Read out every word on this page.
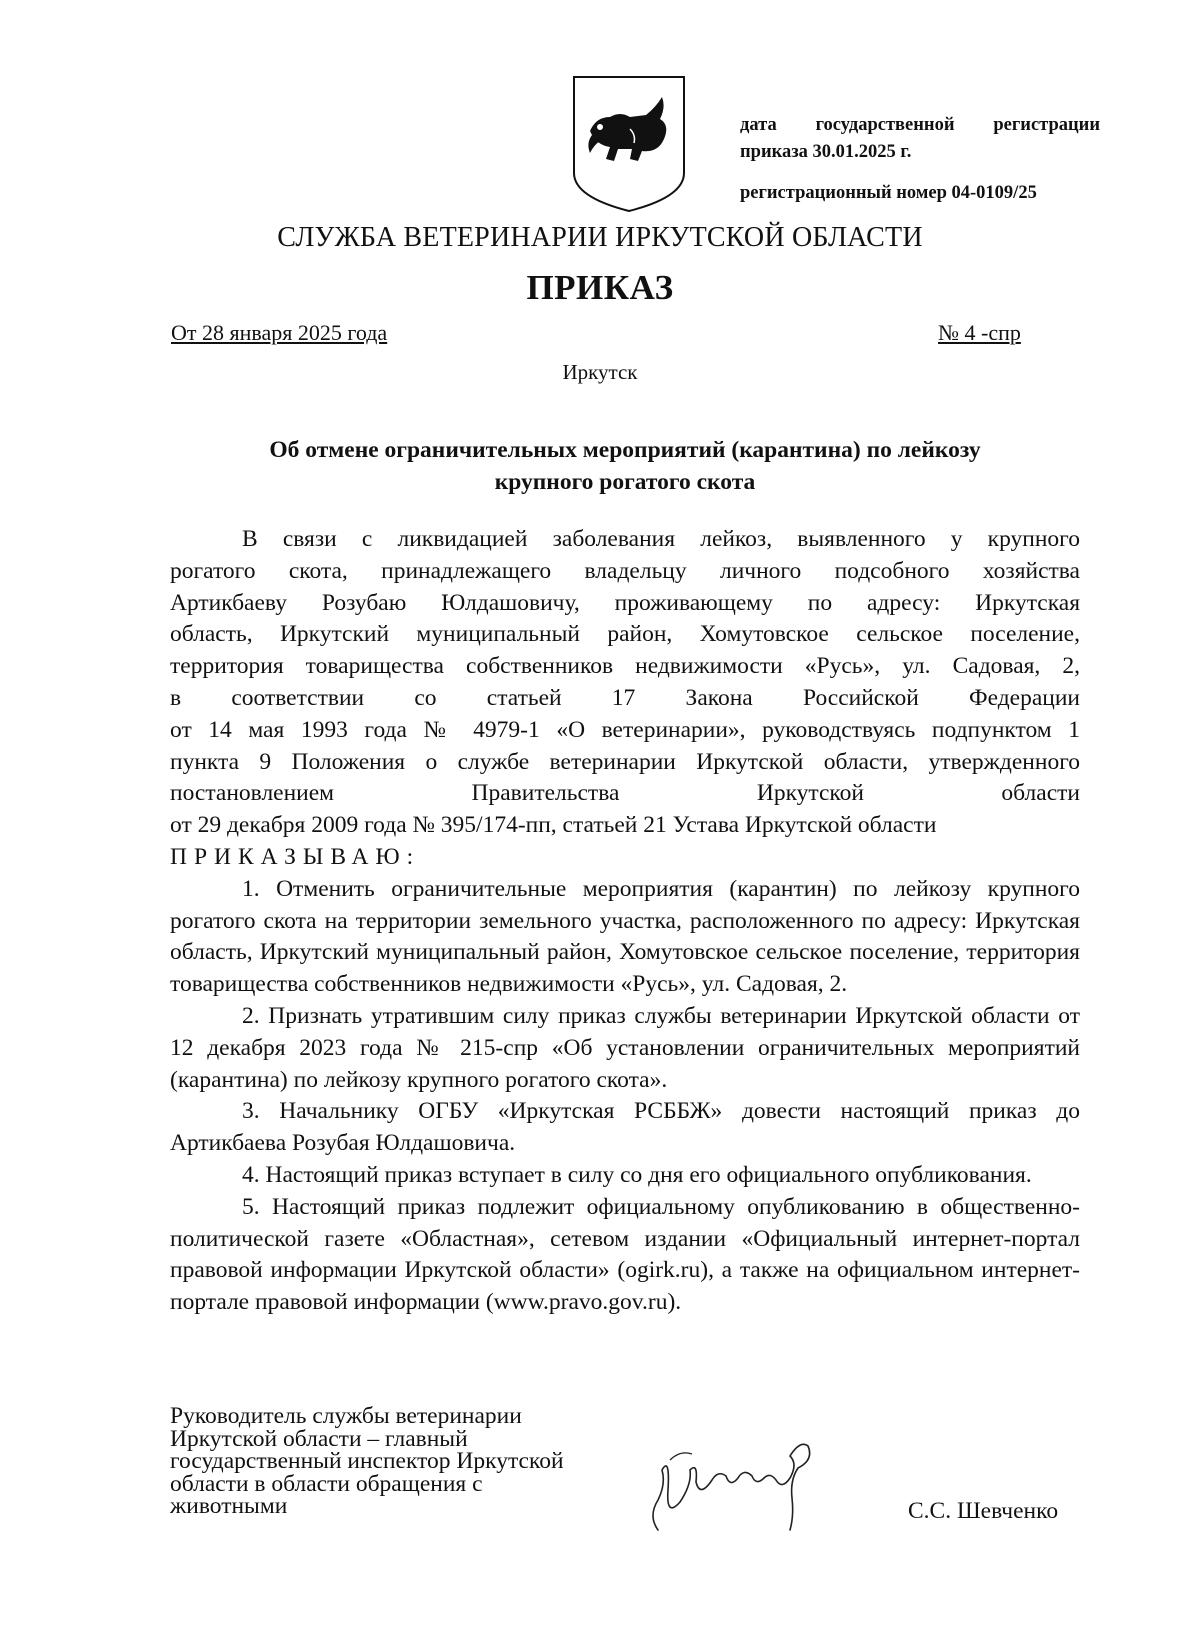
дата государственной регистрации
приказа 30.01.2025 г.
регистрационный номер 04-0109/25
СЛУЖБА ВЕТЕРИНАРИИ ИРКУТСКОЙ ОБЛАСТИ
ПРИКАЗ
От 28 января 2025 года	№ 4 -спр
Иркутск
Об отмене ограничительных мероприятий (карантина) по лейкозу
крупного рогатого скота
В связи с ликвидацией заболевания лейкоз, выявленного у крупного
рогатого скота, принадлежащего владельцу личного подсобного хозяйства
Артикбаеву Розубаю Юлдашовичу, проживающему по адресу: Иркутская
область, Иркутский муниципальный район, Хомутовское сельское поселение,
территория товарищества собственников недвижимости «Русь», ул. Садовая, 2,
в соответствии со статьей 17 Закона Российской Федерации
от 14 мая 1993 года № 4979-1 «О ветеринарии», руководствуясь подпунктом 1
пункта 9 Положения о службе ветеринарии Иркутской области, утвержденного
постановлением Правительства Иркутской области
от 29 декабря 2009 года № 395/174-пп, статьей 21 Устава Иркутской области
ПРИКАЗЫВАЮ:

1. Отменить ограничительные мероприятия (карантин) по лейкозу крупного рогатого скота на территории земельного участка, расположенного по адресу: Иркутская область, Иркутский муниципальный район, Хомутовское сельское поселение, территория товарищества собственников недвижимости «Русь», ул. Садовая, 2.

2. Признать утратившим силу приказ службы ветеринарии Иркутской области от 12 декабря 2023 года № 215-спр «Об установлении ограничительных мероприятий (карантина) по лейкозу крупного рогатого скота».

3. Начальнику ОГБУ «Иркутская РСББЖ» довести настоящий приказ до Артикбаева Розубая Юлдашовича.

4. Настоящий приказ вступает в силу со дня его официального опубликования.

5. Настоящий приказ подлежит официальному опубликованию в общественно-политической газете «Областная», сетевом издании «Официальный интернет-портал правовой информации Иркутской области» (ogirk.ru), а также на официальном интернет-портале правовой информации (www.pravo.gov.ru).

Руководитель службы ветеринарии
Иркутской области – главный
государственный инспектор Иркутской
области в области обращения с
животными	С.С. Шевченко
